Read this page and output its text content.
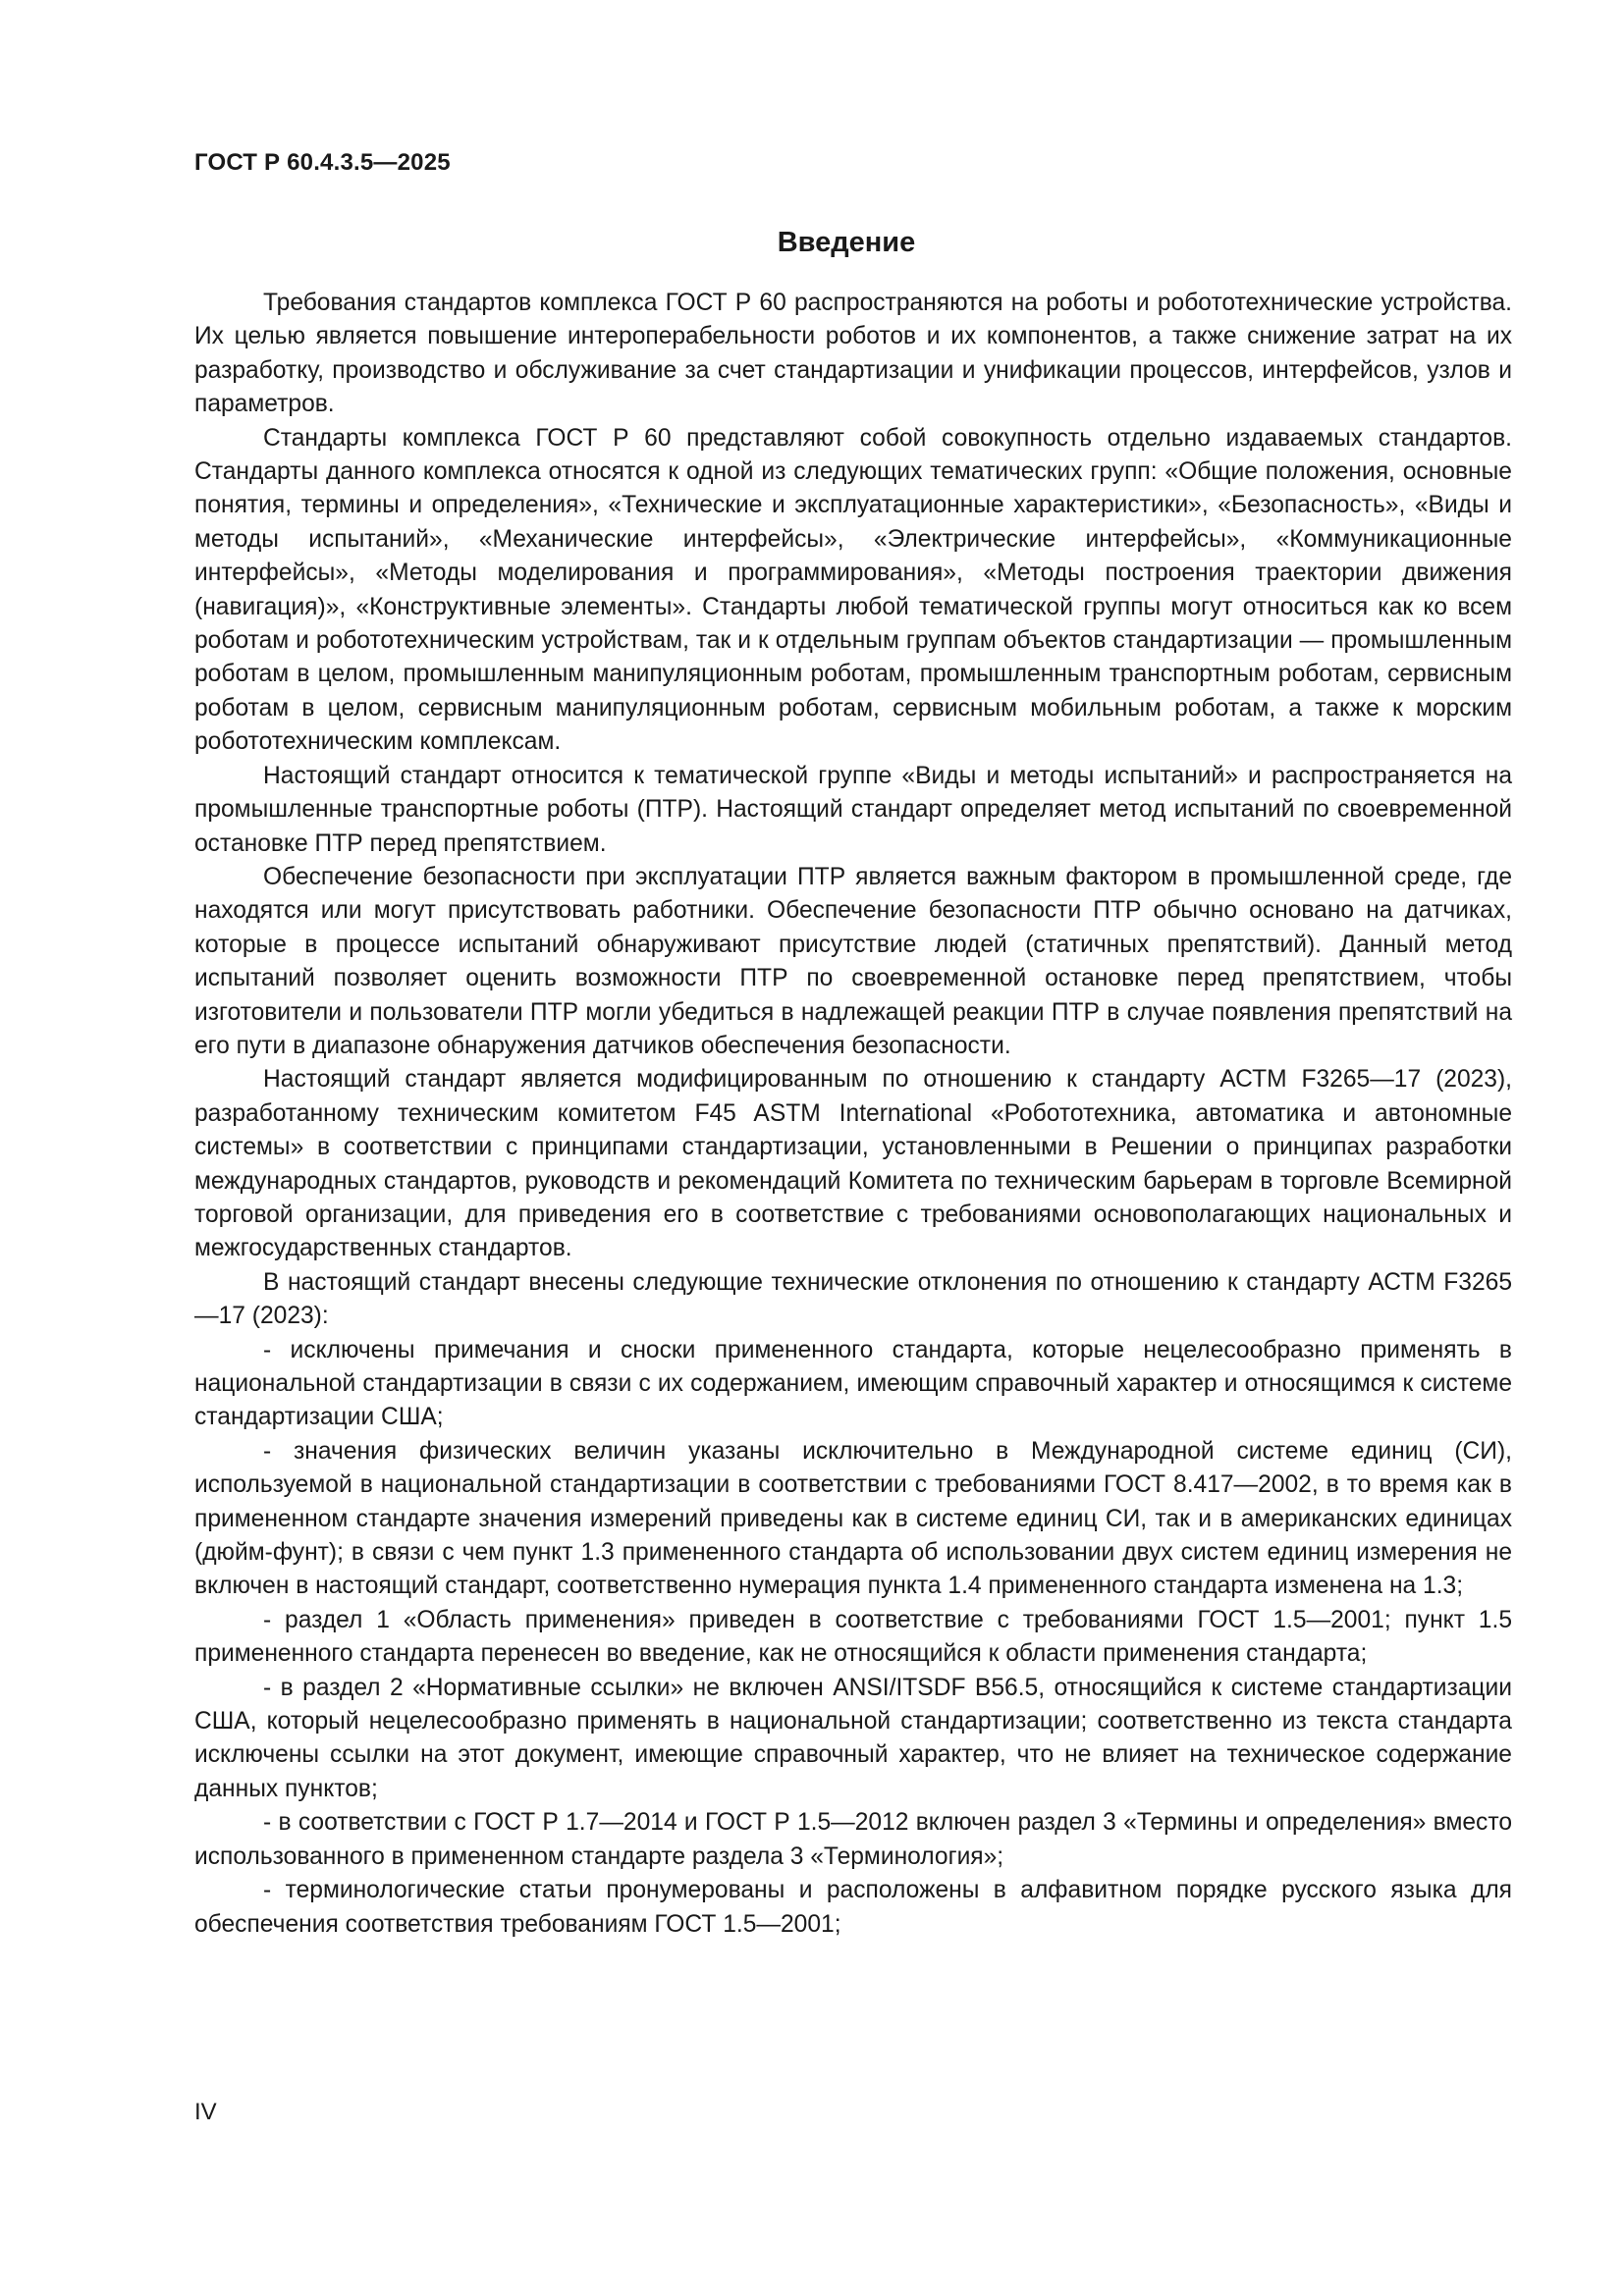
ГОСТ Р 60.4.3.5—2025
Введение

Требования стандартов комплекса ГОСТ Р 60 распространяются на роботы и робототехнические устройства. Их целью является повышение интероперабельности роботов и их компонентов, а также снижение затрат на их разработку, производство и обслуживание за счет стандартизации и унификации процессов, интерфейсов, узлов и параметров.

Стандарты комплекса ГОСТ Р 60 представляют собой совокупность отдельно издаваемых стандартов. Стандарты данного комплекса относятся к одной из следующих тематических групп: «Общие положения, основные понятия, термины и определения», «Технические и эксплуатационные характеристики», «Безопасность», «Виды и методы испытаний», «Механические интерфейсы», «Электрические интерфейсы», «Коммуникационные интерфейсы», «Методы моделирования и программирования», «Методы построения траектории движения (навигация)», «Конструктивные элементы». Стандарты любой тематической группы могут относиться как ко всем роботам и робототехническим устройствам, так и к отдельным группам объектов стандартизации — промышленным роботам в целом, промышленным манипуляционным роботам, промышленным транспортным роботам, сервисным роботам в целом, сервисным манипуляционным роботам, сервисным мобильным роботам, а также к морским робототехническим комплексам.

Настоящий стандарт относится к тематической группе «Виды и методы испытаний» и распространяется на промышленные транспортные роботы (ПТР). Настоящий стандарт определяет метод испытаний по своевременной остановке ПТР перед препятствием.

Обеспечение безопасности при эксплуатации ПТР является важным фактором в промышленной среде, где находятся или могут присутствовать работники. Обеспечение безопасности ПТР обычно основано на датчиках, которые в процессе испытаний обнаруживают присутствие людей (статичных препятствий). Данный метод испытаний позволяет оценить возможности ПТР по своевременной остановке перед препятствием, чтобы изготовители и пользователи ПТР могли убедиться в надлежащей реакции ПТР в случае появления препятствий на его пути в диапазоне обнаружения датчиков обеспечения безопасности.

Настоящий стандарт является модифицированным по отношению к стандарту АСТМ F3265—17 (2023), разработанному техническим комитетом F45 ASTM International «Робототехника, автоматика и автономные системы» в соответствии с принципами стандартизации, установленными в Решении о принципах разработки международных стандартов, руководств и рекомендаций Комитета по техническим барьерам в торговле Всемирной торговой организации, для приведения его в соответствие с требованиями основополагающих национальных и межгосударственных стандартов.

В настоящий стандарт внесены следующие технические отклонения по отношению к стандарту АСТМ F3265—17 (2023):

- исключены примечания и сноски примененного стандарта, которые нецелесообразно применять в национальной стандартизации в связи с их содержанием, имеющим справочный характер и относящимся к системе стандартизации США;

- значения физических величин указаны исключительно в Международной системе единиц (СИ), используемой в национальной стандартизации в соответствии с требованиями ГОСТ 8.417—2002, в то время как в примененном стандарте значения измерений приведены как в системе единиц СИ, так и в американских единицах (дюйм-фунт); в связи с чем пункт 1.3 примененного стандарта об использовании двух систем единиц измерения не включен в настоящий стандарт, соответственно нумерация пункта 1.4 примененного стандарта изменена на 1.3;

- раздел 1 «Область применения» приведен в соответствие с требованиями ГОСТ 1.5—2001; пункт 1.5 примененного стандарта перенесен во введение, как не относящийся к области применения стандарта;

- в раздел 2 «Нормативные ссылки» не включен ANSI/ITSDF B56.5, относящийся к системе стандартизации США, который нецелесообразно применять в национальной стандартизации; соответственно из текста стандарта исключены ссылки на этот документ, имеющие справочный характер, что не влияет на техническое содержание данных пунктов;

- в соответствии с ГОСТ Р 1.7—2014 и ГОСТ Р 1.5—2012 включен раздел 3 «Термины и определения» вместо использованного в примененном стандарте раздела 3 «Терминология»;

- терминологические статьи пронумерованы и расположены в алфавитном порядке русского языка для обеспечения соответствия требованиям ГОСТ 1.5—2001;

IV
